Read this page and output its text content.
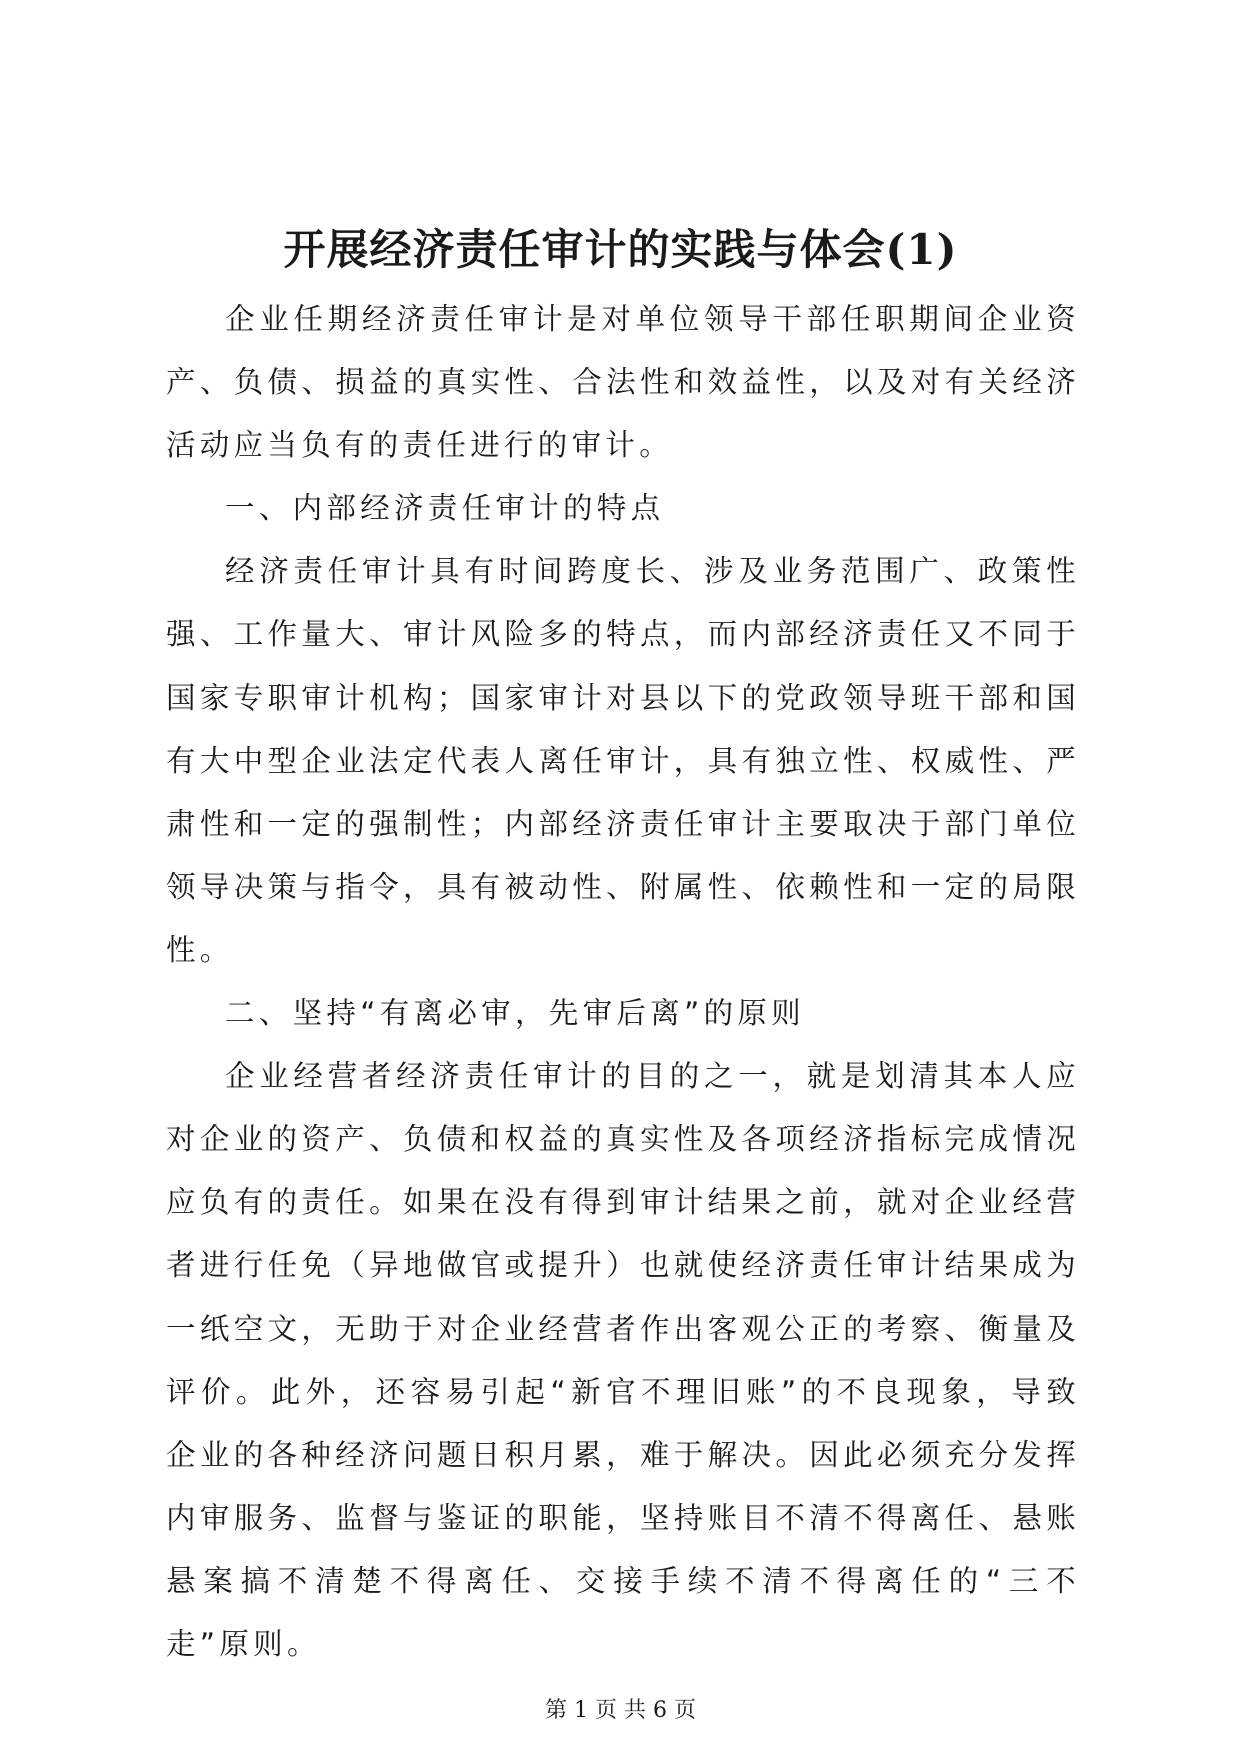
开展经济责任审计的实践与体会(1)

企业任期经济责任审计是对单位领导干部任职期间企业资产、负债、损益的真实性、合法性和效益性，以及对有关经济活动应当负有的责任进行的审计。

一、内部经济责任审计的特点

经济责任审计具有时间跨度长、涉及业务范围广、政策性强、工作量大、审计风险多的特点，而内部经济责任又不同于国家专职审计机构；国家审计对县以下的党政领导班干部和国有大中型企业法定代表人离任审计，具有独立性、权威性、严肃性和一定的强制性；内部经济责任审计主要取决于部门单位领导决策与指令，具有被动性、附属性、依赖性和一定的局限性。

二、坚持“有离必审，先审后离”的原则

企业经营者经济责任审计的目的之一，就是划清其本人应对企业的资产、负债和权益的真实性及各项经济指标完成情况应负有的责任。如果在没有得到审计结果之前，就对企业经营者进行任免（异地做官或提升）也就使经济责任审计结果成为一纸空文，无助于对企业经营者作出客观公正的考察、衡量及评价。此外，还容易引起“新官不理旧账”的不良现象，导致企业的各种经济问题日积月累，难于解决。因此必须充分发挥内审服务、监督与鉴证的职能，坚持账目不清不得离任、悬账悬案搞不清楚不得离任、交接手续不清不得离任的“三不走”原则。

第 1 页 共 6 页
